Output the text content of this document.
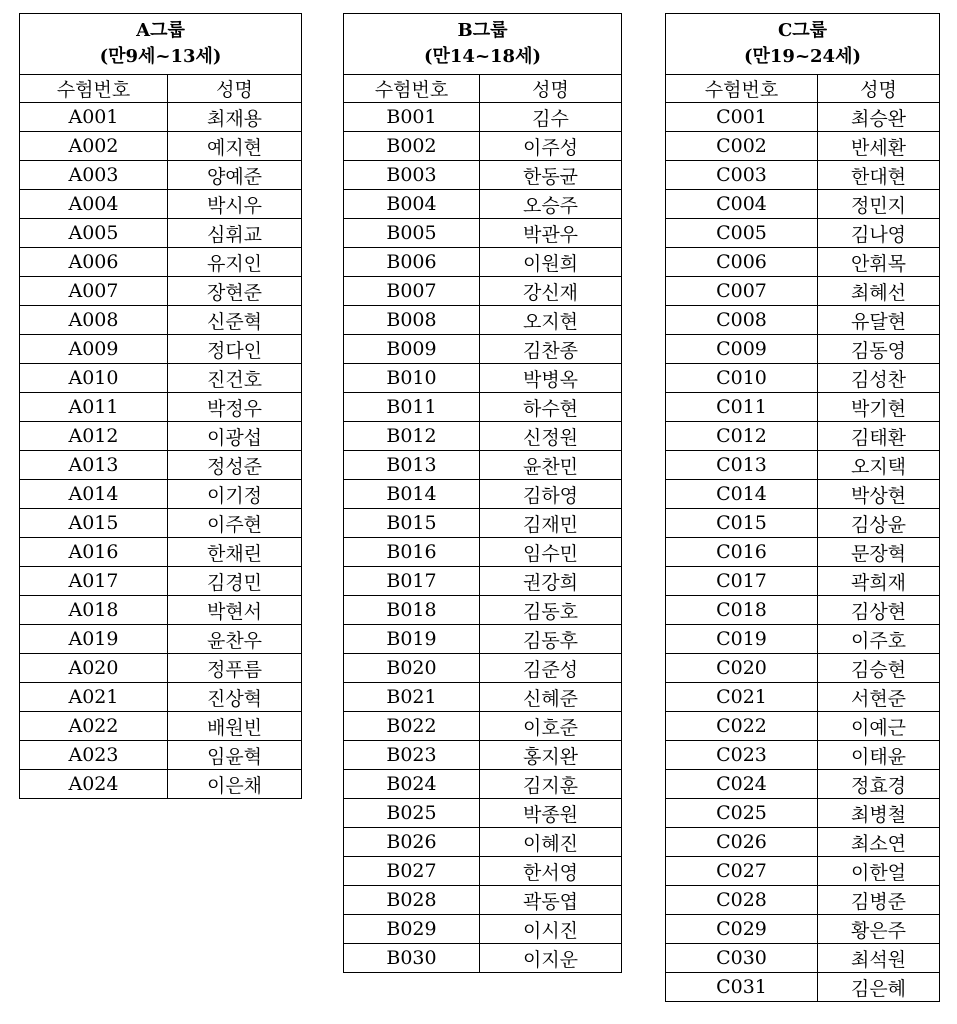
A그룹
(만9세~13세)	

수험번호	성명
A001	최재용
A002	예지현
A003	양예준
A004	박시우
A005	심휘교
A006	유지인
A007	장현준
A008	신준혁
A009	정다인
A010	진건호
A011	박정우
A012	이광섭
A013	정성준
A014	이기정
A015	이주현
A016	한채린
A017	김경민
A018	박현서
A019	윤찬우
A020	정푸름
A021	진상혁
A022	배원빈
A023	임윤혁
A024	이은채
B그룹
(만14~18세)	

수험번호	성명
B001	김수
B002	이주성
B003	한동균
B004	오승주
B005	박관우
B006	이원희
B007	강신재
B008	오지현
B009	김찬종
B010	박병옥
B011	하수현
B012	신정원
B013	윤찬민
B014	김하영
B015	김재민
B016	임수민
B017	권강희
B018	김동호
B019	김동후
B020	김준성
B021	신혜준
B022	이호준
B023	홍지완
B024	김지훈
B025	박종원
B026	이혜진
B027	한서영
B028	곽동엽
B029	이시진
B030	이지운
C그룹
(만19~24세)	

수험번호	성명
C001	최승완
C002	반세환
C003	한대현
C004	정민지
C005	김나영
C006	안휘목
C007	최혜선
C008	유달현
C009	김동영
C010	김성찬
C011	박기현
C012	김태환
C013	오지택
C014	박상현
C015	김상윤
C016	문장혁
C017	곽희재
C018	김상현
C019	이주호
C020	김승현
C021	서현준
C022	이예근
C023	이태윤
C024	정효경
C025	최병철
C026	최소연
C027	이한얼
C028	김병준
C029	황은주
C030	최석원
C031	김은혜
